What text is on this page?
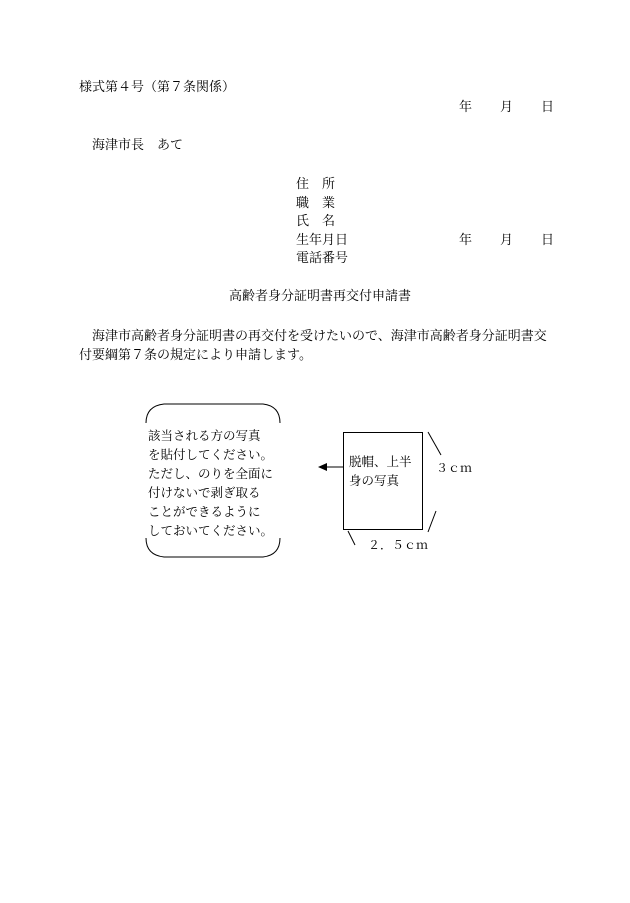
様式第４号（第７条関係）
年 月 日
海津市長　あて
住　所
職　業
氏　名
生年月日	年 月 日
電話番号
高齢者身分証明書再交付申請書
海津市高齢者身分証明書の再交付を受けたいので、海津市高齢者身分証明書交
付要綱第７条の規定により申請します。
該当される方の写真
を貼付してください。
ただし、のりを全面に
付けないで剥ぎ取る
ことができるように
しておいてください。
脱帽、上半
身の写真
３ｃｍ
２．５ｃｍ
